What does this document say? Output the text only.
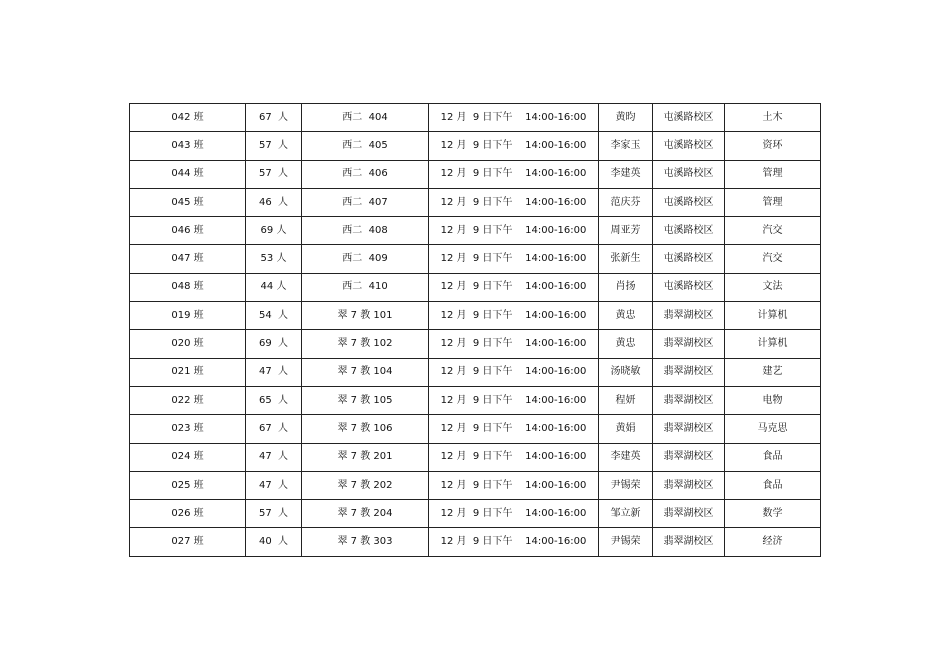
042 班	67  人	西二  404	12 月  9 日下午    14:00-16:00	黄昀	屯溪路校区	土木
043 班	57  人	西二  405	12 月  9 日下午    14:00-16:00	李家玉	屯溪路校区	资环
044 班	57  人	西二  406	12 月  9 日下午    14:00-16:00	李建英	屯溪路校区	管理
045 班	46  人	西二  407	12 月  9 日下午    14:00-16:00	范庆芬	屯溪路校区	管理
046 班	69 人	西二  408	12 月  9 日下午    14:00-16:00	周亚芳	屯溪路校区	汽交
047 班	53 人	西二  409	12 月  9 日下午    14:00-16:00	张新生	屯溪路校区	汽交
048 班	44 人	西二  410	12 月  9 日下午    14:00-16:00	肖扬	屯溪路校区	文法
019 班	54  人	翠 7 教 101	12 月  9 日下午    14:00-16:00	黄忠	翡翠湖校区	计算机
020 班	69  人	翠 7 教 102	12 月  9 日下午    14:00-16:00	黄忠	翡翠湖校区	计算机
021 班	47  人	翠 7 教 104	12 月  9 日下午    14:00-16:00	汤晓敏	翡翠湖校区	建艺
022 班	65  人	翠 7 教 105	12 月  9 日下午    14:00-16:00	程妍	翡翠湖校区	电物
023 班	67  人	翠 7 教 106	12 月  9 日下午    14:00-16:00	黄娟	翡翠湖校区	马克思
024 班	47  人	翠 7 教 201	12 月  9 日下午    14:00-16:00	李建英	翡翠湖校区	食品
025 班	47  人	翠 7 教 202	12 月  9 日下午    14:00-16:00	尹锡荣	翡翠湖校区	食品
026 班	57  人	翠 7 教 204	12 月  9 日下午    14:00-16:00	邹立新	翡翠湖校区	数学
027 班	40  人	翠 7 教 303	12 月  9 日下午    14:00-16:00	尹锡荣	翡翠湖校区	经济
